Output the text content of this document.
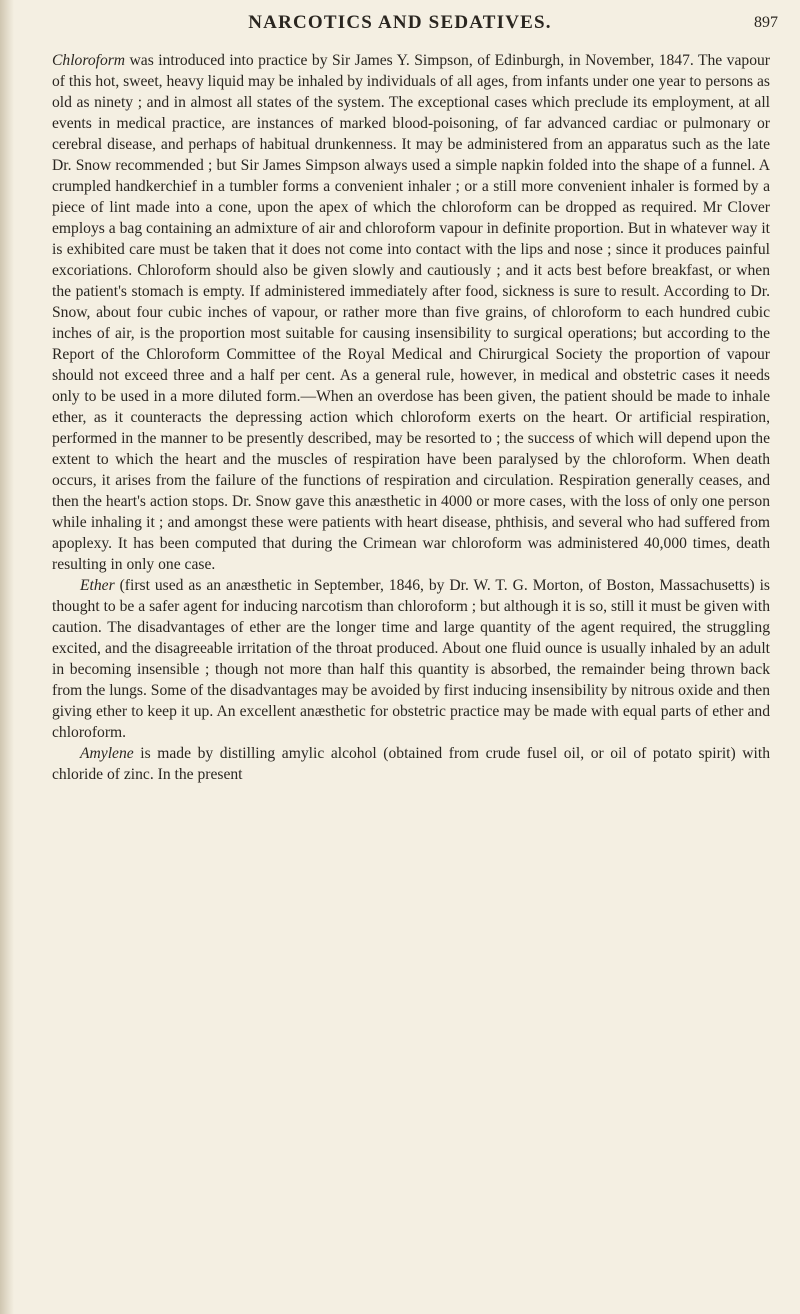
NARCOTICS AND SEDATIVES.	897

Chloroform was introduced into practice by Sir James Y. Simpson, of Edinburgh, in November, 1847. The vapour of this hot, sweet, heavy liquid may be inhaled by individuals of all ages, from infants under one year to persons as old as ninety ; and in almost all states of the system. The exceptional cases which preclude its employment, at all events in medical practice, are instances of marked blood-poisoning, of far advanced cardiac or pulmonary or cerebral disease, and perhaps of habitual drunkenness. It may be administered from an apparatus such as the late Dr. Snow recommended ; but Sir James Simpson always used a simple napkin folded into the shape of a funnel. A crumpled handkerchief in a tumbler forms a convenient inhaler ; or a still more convenient inhaler is formed by a piece of lint made into a cone, upon the apex of which the chloroform can be dropped as required. Mr Clover employs a bag containing an admixture of air and chloroform vapour in definite proportion. But in whatever way it is exhibited care must be taken that it does not come into contact with the lips and nose ; since it produces painful excoriations. Chloroform should also be given slowly and cautiously ; and it acts best before breakfast, or when the patient's stomach is empty. If administered immediately after food, sickness is sure to result. According to Dr. Snow, about four cubic inches of vapour, or rather more than five grains, of chloroform to each hundred cubic inches of air, is the proportion most suitable for causing insensibility to surgical operations; but according to the Report of the Chloroform Committee of the Royal Medical and Chirurgical Society the proportion of vapour should not exceed three and a half per cent. As a general rule, however, in medical and obstetric cases it needs only to be used in a more diluted form.—When an overdose has been given, the patient should be made to inhale ether, as it counteracts the depressing action which chloroform exerts on the heart. Or artificial respiration, performed in the manner to be presently described, may be resorted to ; the success of which will depend upon the extent to which the heart and the muscles of respiration have been paralysed by the chloroform. When death occurs, it arises from the failure of the functions of respiration and circulation. Respiration generally ceases, and then the heart's action stops. Dr. Snow gave this anæsthetic in 4000 or more cases, with the loss of only one person while inhaling it ; and amongst these were patients with heart disease, phthisis, and several who had suffered from apoplexy. It has been computed that during the Crimean war chloroform was administered 40,000 times, death resulting in only one case.

Ether (first used as an anæsthetic in September, 1846, by Dr. W. T. G. Morton, of Boston, Massachusetts) is thought to be a safer agent for inducing narcotism than chloroform ; but although it is so, still it must be given with caution. The disadvantages of ether are the longer time and large quantity of the agent required, the struggling excited, and the disagreeable irritation of the throat produced. About one fluid ounce is usually inhaled by an adult in becoming insensible ; though not more than half this quantity is absorbed, the remainder being thrown back from the lungs. Some of the disadvantages may be avoided by first inducing insensibility by nitrous oxide and then giving ether to keep it up. An excellent anæsthetic for obstetric practice may be made with equal parts of ether and chloroform.

Amylene is made by distilling amylic alcohol (obtained from crude fusel oil, or oil of potato spirit) with chloride of zinc. In the present
